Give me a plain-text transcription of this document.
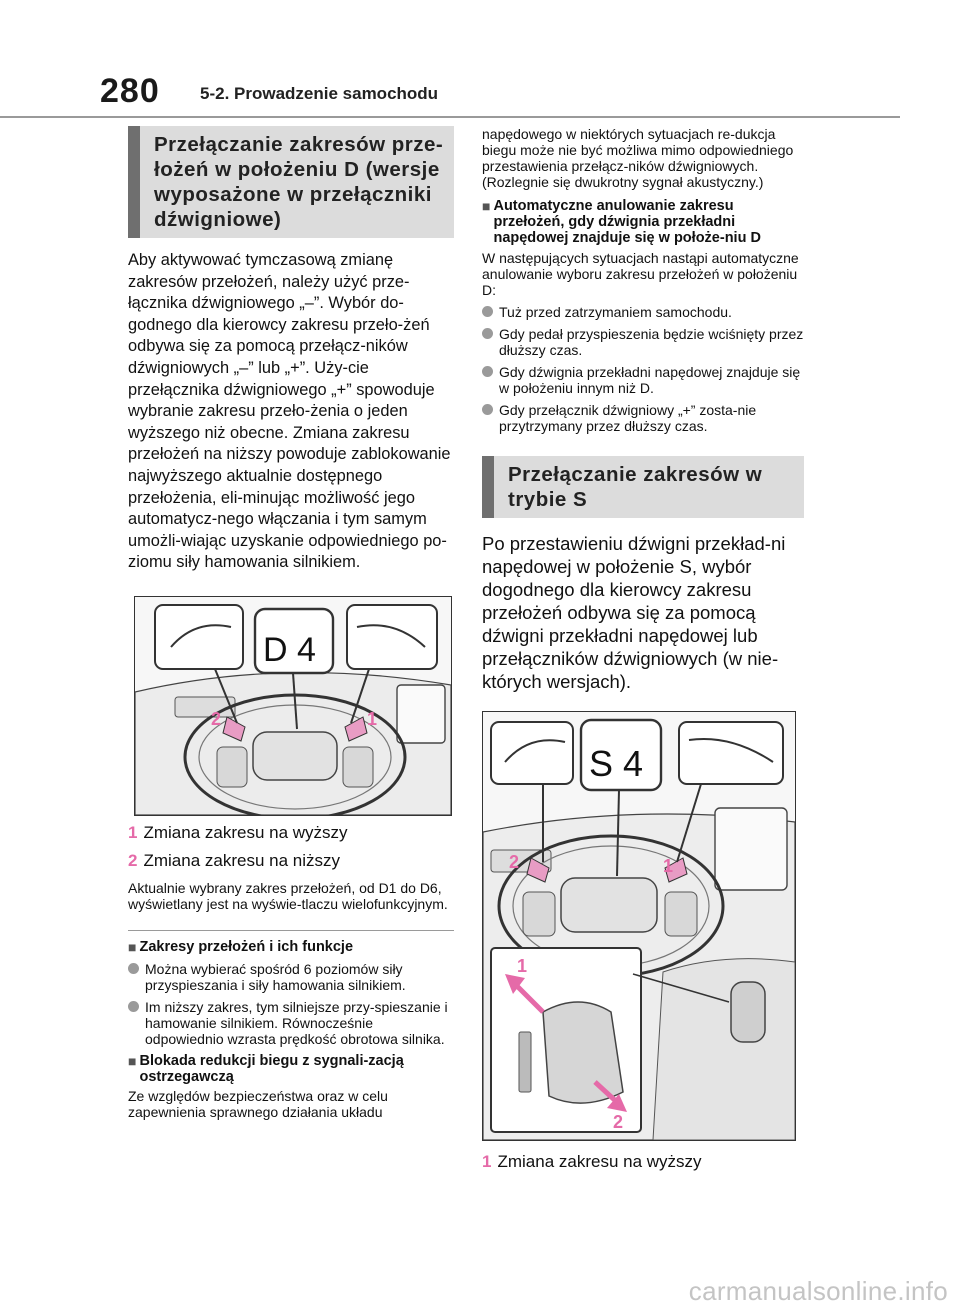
280 5-2. Prowadzenie samochodu
Przełączanie zakresów prze-łożeń w położeniu D (wersje wyposażone w przełączniki dźwigniowe)

Aby aktywować tymczasową zmianę zakresów przełożeń, należy użyć prze-łącznika dźwigniowego „–”. Wybór do-godnego dla kierowcy zakresu przeło-żeń odbywa się za pomocą przełącz-ników dźwigniowych „–” lub „+”. Uży-cie przełącznika dźwigniowego „+” spowoduje wybranie zakresu przeło-żenia o jeden wyższego niż obecne. Zmiana zakresu przełożeń na niższy powoduje zablokowanie najwyższego aktualnie dostępnego przełożenia, eli-minując możliwość jego automatycz-nego włączania i tym samym umożli-wiając uzyskanie odpowiedniego po-ziomu siły hamowania silnikiem.

D 4
2	1

1 Zmiana zakresu na wyższy

2 Zmiana zakresu na niższy

Aktualnie wybrany zakres przełożeń, od D1 do D6, wyświetlany jest na wyświe-tlaczu wielofunkcyjnym.

■ Zakresy przełożeń i ich funkcje
Można wybierać spośród 6 poziomów siły przyspieszania i siły hamowania silnikiem.
Im niższy zakres, tym silniejsze przy-spieszanie i hamowanie silnikiem. Równocześnie odpowiednio wzrasta prędkość obrotowa silnika.
■ Blokada redukcji biegu z sygnali-zacją ostrzegawczą

Ze względów bezpieczeństwa oraz w celu zapewnienia sprawnego działania układu

napędowego w niektórych sytuacjach re-dukcja biegu może nie być możliwa mimo odpowiedniego przestawienia przełącz-ników dźwigniowych. (Rozlegnie się dwukrotny sygnał akustyczny.)

■ Automatyczne anulowanie zakresu przełożeń, gdy dźwignia przekładni napędowej znajduje się w położe-niu D

W następujących sytuacjach nastąpi automatyczne anulowanie wyboru zakresu przełożeń w położeniu D:

Tuż przed zatrzymaniem samochodu.
Gdy pedał przyspieszenia będzie wciśnięty przez dłuższy czas.
Gdy dźwignia przekładni napędowej znajduje się w położeniu innym niż D.
Gdy przełącznik dźwigniowy „+” zosta-nie przytrzymany przez dłuższy czas.
Przełączanie zakresów w trybie S

Po przestawieniu dźwigni przekład-ni napędowej w położenie S, wybór dogodnego dla kierowcy zakresu przełożeń odbywa się za pomocą dźwigni przekładni napędowej lub przełączników dźwigniowych (w nie-których wersjach).

S 4
2	1
1
2

1 Zmiana zakresu na wyższy

carmanualsonline.info
